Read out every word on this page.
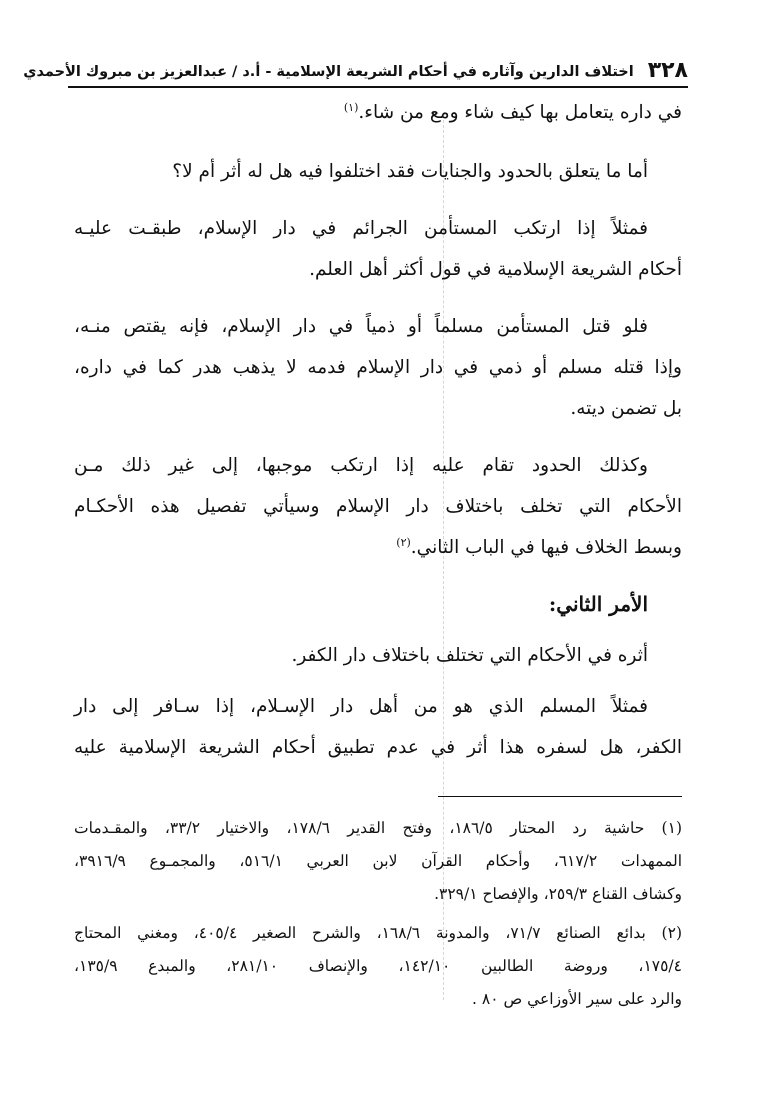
٣٢٨
اختلاف الدارين وآثاره في أحكام الشريعة الإسلامية - أ.د / عبدالعزيز بن مبروك الأحمدي
في داره يتعامل بها كيف شاء ومع من شاء.$^{(١)}$
أما ما يتعلق بالحدود والجنايات فقد اختلفوا فيه هل له أثر أم لا؟
فمثلاً إذا ارتكب المستأمن الجرائم في دار الإسلام، طبقـت عليـه
أحكام الشريعة الإسلامية في قول أكثر أهل العلم.
فلو قتل المستأمن مسلماً أو ذمياً في دار الإسلام، فإنه يقتص منـه،
وإذا قتله مسلم أو ذمي في دار الإسلام فدمه لا يذهب هدر كما في داره،
بل تضمن ديته.
وكذلك الحدود تقام عليه إذا ارتكب موجبها، إلى غير ذلك مـن
الأحكام التي تخلف باختلاف دار الإسلام وسيأتي تفصيل هذه الأحكـام
وبسط الخلاف فيها في الباب الثاني.$^{(٢)}$
الأمر الثاني:
أثره في الأحكام التي تختلف باختلاف دار الكفر.
فمثلاً المسلم الذي هو من أهل دار الإسـلام، إذا سـافر إلى دار
الكفر، هل لسفره هذا أثر في عدم تطبيق أحكام الشريعة الإسلامية عليه
(١) حاشية رد المحتار ١٨٦/٥، وفتح القدير ١٧٨/٦، والاختيار ٣٣/٢، والمقـدمات
الممهدات ٦١٧/٢، وأحكام القرآن لابن العربي ٥١٦/١، والمجمـوع ٣٩١٦/٩،
وكشاف القناع ٢٥٩/٣، والإفصاح ٣٢٩/١.
(٢) بدائع الصنائع ٧١/٧، والمدونة ١٦٨/٦، والشرح الصغير ٤٠٥/٤، ومغني المحتاج
١٧٥/٤، وروضة الطالبين ١٤٢/١٠، والإنصاف ٢٨١/١٠، والمبدع ١٣٥/٩،
والرد على سير الأوزاعي ص ٨٠ .
